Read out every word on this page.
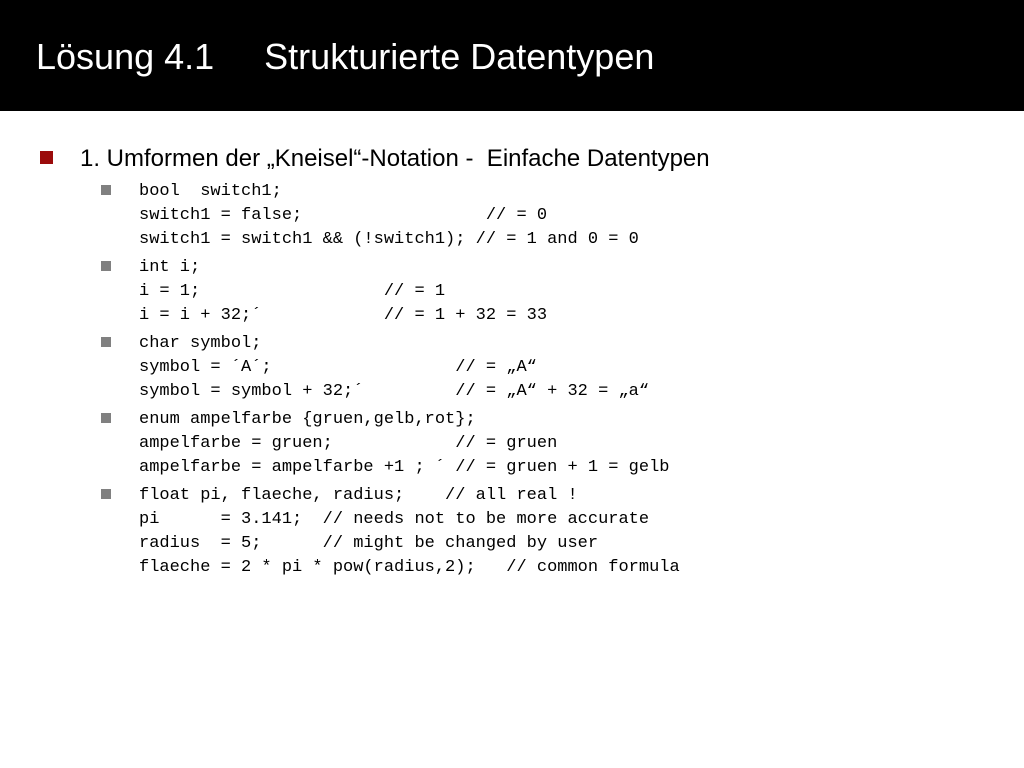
Lösung 4.1     Strukturierte Datentypen
1. Umformen der „Kneisel“-Notation -  Einfache Datentypen
bool  switch1;
switch1 = false;                  // = 0
switch1 = switch1 && (!switch1); // = 1 and 0 = 0
int i;
i = 1;                  // = 1
i = i + 32;´            // = 1 + 32 = 33
char symbol;
symbol = ´A´;                  // = „A“
symbol = symbol + 32;´         // = „A“ + 32 = „a“
enum ampelfarbe {gruen,gelb,rot};
ampelfarbe = gruen;            // = gruen
ampelfarbe = ampelfarbe +1 ; ´ // = gruen + 1 = gelb
float pi, flaeche, radius;    // all real !
pi      = 3.141;  // needs not to be more accurate
radius  = 5;      // might be changed by user
flaeche = 2 * pi * pow(radius,2);   // common formula
